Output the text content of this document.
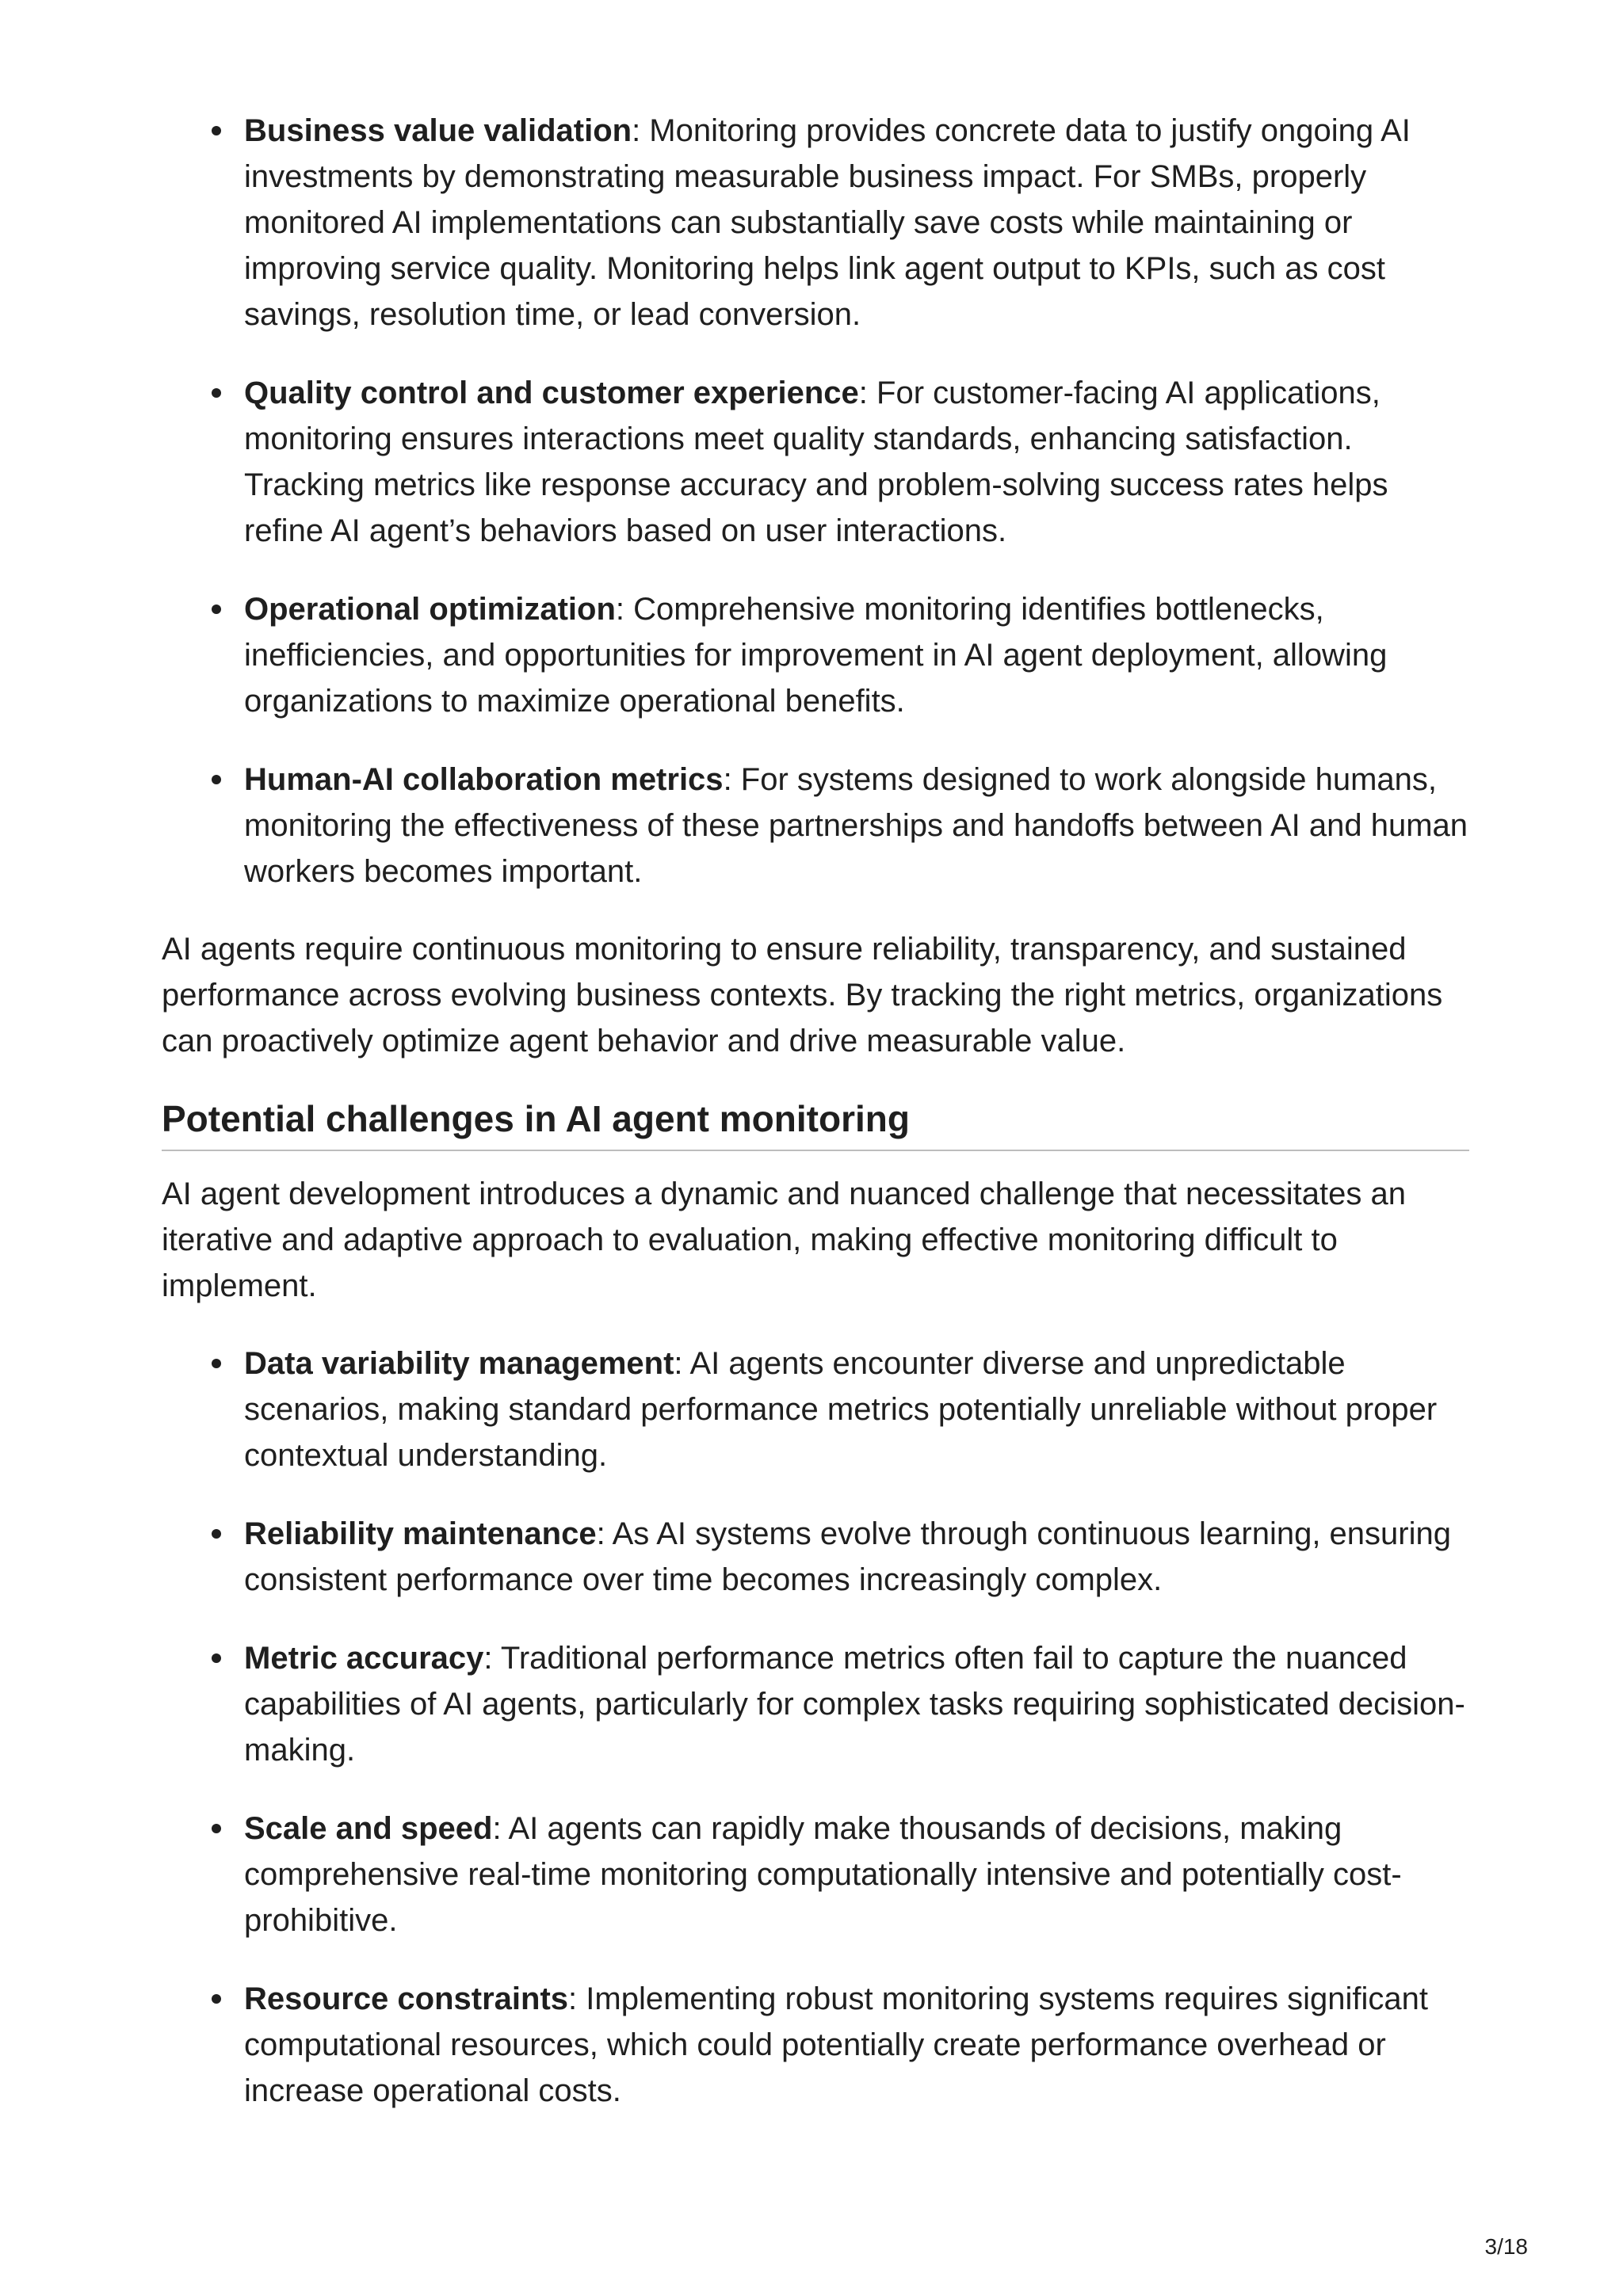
Business value validation: Monitoring provides concrete data to justify ongoing AI investments by demonstrating measurable business impact. For SMBs, properly monitored AI implementations can substantially save costs while maintaining or improving service quality. Monitoring helps link agent output to KPIs, such as cost savings, resolution time, or lead conversion.
Quality control and customer experience: For customer-facing AI applications, monitoring ensures interactions meet quality standards, enhancing satisfaction. Tracking metrics like response accuracy and problem-solving success rates helps refine AI agent’s behaviors based on user interactions.
Operational optimization: Comprehensive monitoring identifies bottlenecks, inefficiencies, and opportunities for improvement in AI agent deployment, allowing organizations to maximize operational benefits.
Human-AI collaboration metrics: For systems designed to work alongside humans, monitoring the effectiveness of these partnerships and handoffs between AI and human workers becomes important.

AI agents require continuous monitoring to ensure reliability, transparency, and sustained performance across evolving business contexts. By tracking the right metrics, organizations can proactively optimize agent behavior and drive measurable value.

Potential challenges in AI agent monitoring

AI agent development introduces a dynamic and nuanced challenge that necessitates an iterative and adaptive approach to evaluation, making effective monitoring difficult to implement.

Data variability management: AI agents encounter diverse and unpredictable scenarios, making standard performance metrics potentially unreliable without proper contextual understanding.
Reliability maintenance: As AI systems evolve through continuous learning, ensuring consistent performance over time becomes increasingly complex.
Metric accuracy: Traditional performance metrics often fail to capture the nuanced capabilities of AI agents, particularly for complex tasks requiring sophisticated decision-making.
Scale and speed: AI agents can rapidly make thousands of decisions, making comprehensive real-time monitoring computationally intensive and potentially cost-prohibitive.
Resource constraints: Implementing robust monitoring systems requires significant computational resources, which could potentially create performance overhead or increase operational costs.
3/18
